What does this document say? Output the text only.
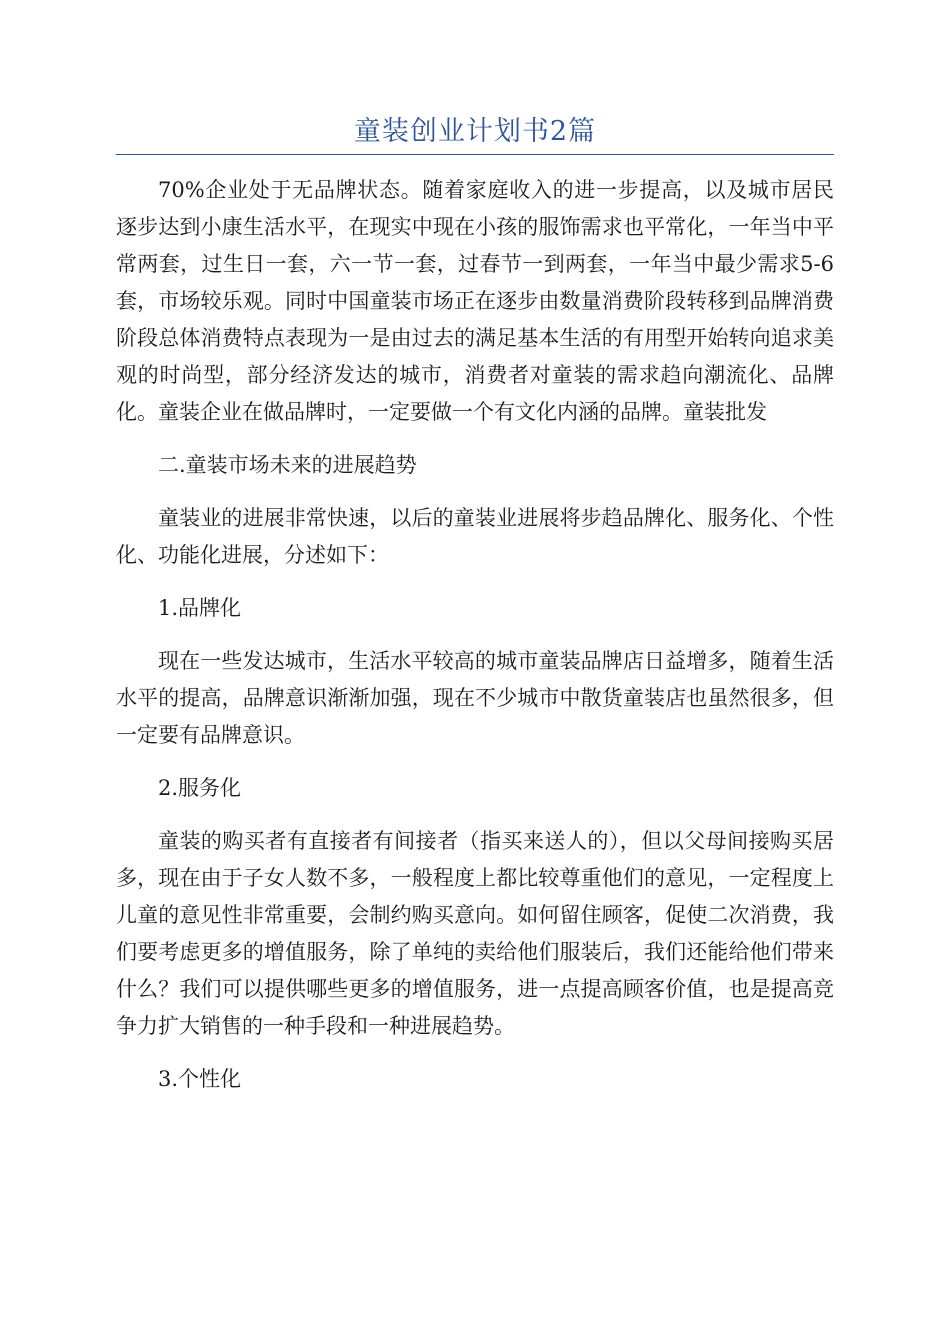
童装创业计划书2篇

70%企业处于无品牌状态。随着家庭收入的进一步提高，以及城市居民逐步达到小康生活水平，在现实中现在小孩的服饰需求也平常化，一年当中平常两套，过生日一套，六一节一套，过春节一到两套，一年当中最少需求5-6套，市场较乐观。同时中国童装市场正在逐步由数量消费阶段转移到品牌消费阶段总体消费特点表现为一是由过去的满足基本生活的有用型开始转向追求美观的时尚型，部分经济发达的城市，消费者对童装的需求趋向潮流化、品牌化。童装企业在做品牌时，一定要做一个有文化内涵的品牌。童装批发

二.童装市场未来的进展趋势

童装业的进展非常快速，以后的童装业进展将步趋品牌化、服务化、个性化、功能化进展，分述如下：

1.品牌化

现在一些发达城市，生活水平较高的城市童装品牌店日益增多，随着生活水平的提高，品牌意识渐渐加强，现在不少城市中散货童装店也虽然很多，但一定要有品牌意识。

2.服务化

童装的购买者有直接者有间接者（指买来送人的），但以父母间接购买居多，现在由于子女人数不多，一般程度上都比较尊重他们的意见，一定程度上儿童的意见性非常重要，会制约购买意向。如何留住顾客，促使二次消费，我们要考虑更多的增值服务，除了单纯的卖给他们服装后，我们还能给他们带来什么？我们可以提供哪些更多的增值服务，进一点提高顾客价值，也是提高竞争力扩大销售的一种手段和一种进展趋势。

3.个性化
